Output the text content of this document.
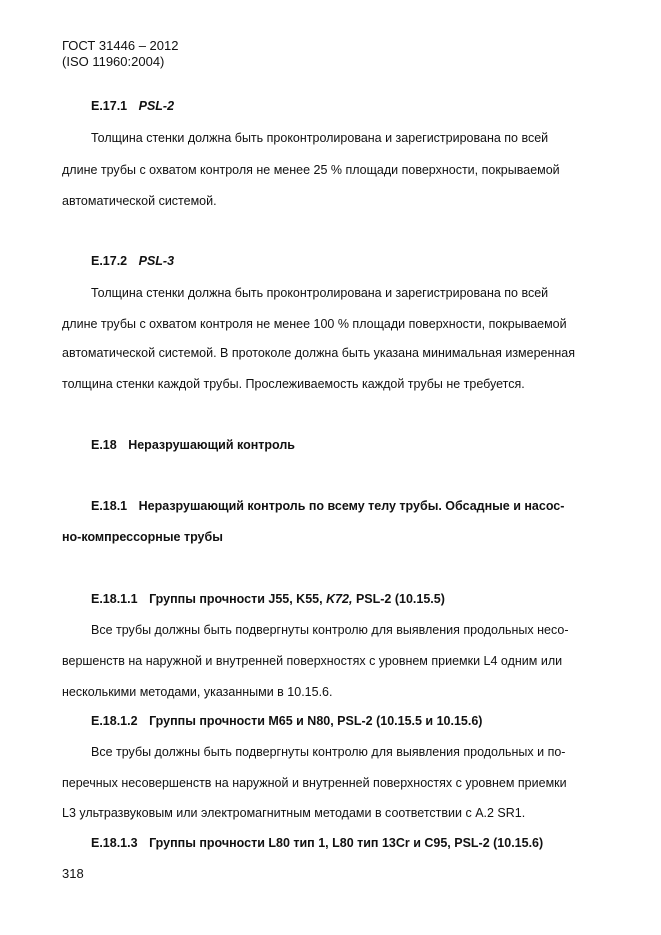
ГОСТ 31446 – 2012
(ISO 11960:2004)
Е.17.1 PSL-2
Толщина стенки должна быть проконтролирована и зарегистрирована по всей
длине трубы с охватом контроля не менее 25 % площади поверхности, покрываемой
автоматической системой.
Е.17.2 PSL-3
Толщина стенки должна быть проконтролирована и зарегистрирована по всей
длине трубы с охватом контроля не менее 100 % площади поверхности, покрываемой
автоматической системой. В протоколе должна быть указана минимальная измеренная
толщина стенки каждой трубы. Прослеживаемость каждой трубы не требуется.
Е.18 Неразрушающий контроль
Е.18.1 Неразрушающий контроль по всему телу трубы. Обсадные и насос-
но-компрессорные трубы
Е.18.1.1 Группы прочности J55, K55, K72, PSL-2 (10.15.5)
Все трубы должны быть подвергнуты контролю для выявления продольных несо-
вершенств на наружной и внутренней поверхностях с уровнем приемки L4 одним или
несколькими методами, указанными в 10.15.6.
Е.18.1.2 Группы прочности M65 и N80, PSL-2 (10.15.5 и 10.15.6)
Все трубы должны быть подвергнуты контролю для выявления продольных и по-
перечных несовершенств на наружной и внутренней поверхностях с уровнем приемки
L3 ультразвуковым или электромагнитным методами в соответствии с А.2 SR1.
Е.18.1.3 Группы прочности L80 тип 1, L80 тип 13Cr и C95, PSL-2 (10.15.6)
318
